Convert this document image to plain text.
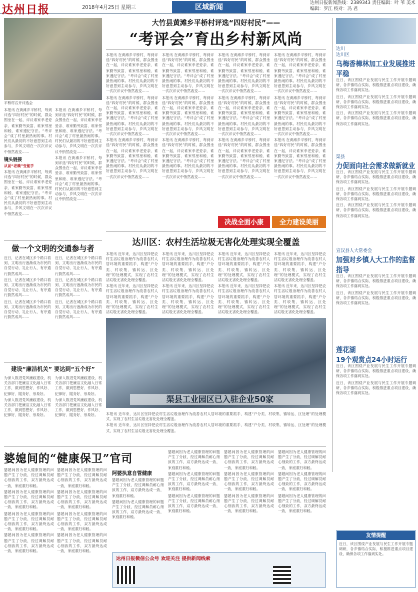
达州日报	2018年4月25日 星期三	区域新闻	达州日报新闻热线：2389343 责任编辑：叶 苇 美术编辑：罗江 校对：冯 君
平桥村召开评选会
大竹县黄滩乡平桥村评选“四好村民”——
“考评会”育出乡村新风尚

本报讯 在黄滩乡平桥村，每到评选“四好村民”的时候，群众围坐在一起，评议谁家孝老爱亲、谁家勤劳致富、谁家邻里和睦、谁家遵纪守法。“考评会”成了村里最热闹的事。村民们从最初的不好意思到主动参与，乡风文明在一次次评议中悄然改变……

镜头链接

从前“老赖”变能手

本报讯 在黄滩乡平桥村，每到评选“四好村民”的时候，群众围坐在一起，评议谁家孝老爱亲、谁家勤劳致富、谁家邻里和睦、谁家遵纪守法。“考评会”成了村里最热闹的事。村民们从最初的不好意思到主动参与，乡风文明在一次次评议中悄然改变……

本报讯 在黄滩乡平桥村，每到评选“四好村民”的时候，群众围坐在一起，评议谁家孝老爱亲、谁家勤劳致富、谁家邻里和睦、谁家遵纪守法。“考评会”成了村里最热闹的事。村民们从最初的不好意思到主动参与，乡风文明在一次次评议中悄然改变……

本报讯 在黄滩乡平桥村，每到评选“四好村民”的时候，群众围坐在一起，评议谁家孝老爱亲、谁家勤劳致富、谁家邻里和睦、谁家遵纪守法。“考评会”成了村里最热闹的事。村民们从最初的不好意思到主动参与，乡风文明在一次次评议中悄然改变……

本报讯 在黄滩乡平桥村，每到评选“四好村民”的时候，群众围坐在一起，评议谁家孝老爱亲、谁家勤劳致富、谁家邻里和睦、谁家遵纪守法。“考评会”成了村里最热闹的事。村民们从最初的不好意思到主动参与，乡风文明在一次次评议中悄然改变……

本报讯 在黄滩乡平桥村，每到评选“四好村民”的时候，群众围坐在一起，评议谁家孝老爱亲、谁家勤劳致富、谁家邻里和睦、谁家遵纪守法。“考评会”成了村里最热闹的事。村民们从最初的不好意思到主动参与，乡风文明在一次次评议中悄然改变……

本报讯 在黄滩乡平桥村，每到评选“四好村民”的时候，群众围坐在一起，评议谁家孝老爱亲、谁家勤劳致富、谁家邻里和睦、谁家遵纪守法。“考评会”成了村里最热闹的事。村民们从最初的不好意思到主动参与，乡风文明在一次次评议中悄然改变……

本报讯 在黄滩乡平桥村，每到评选“四好村民”的时候，群众围坐在一起，评议谁家孝老爱亲、谁家勤劳致富、谁家邻里和睦、谁家遵纪守法。“考评会”成了村里最热闹的事。村民们从最初的不好意思到主动参与，乡风文明在一次次评议中悄然改变……

本报讯 在黄滩乡平桥村，每到评选“四好村民”的时候，群众围坐在一起，评议谁家孝老爱亲、谁家勤劳致富、谁家邻里和睦、谁家遵纪守法。“考评会”成了村里最热闹的事。村民们从最初的不好意思到主动参与，乡风文明在一次次评议中悄然改变……

本报讯 在黄滩乡平桥村，每到评选“四好村民”的时候，群众围坐在一起，评议谁家孝老爱亲、谁家勤劳致富、谁家邻里和睦、谁家遵纪守法。“考评会”成了村里最热闹的事。村民们从最初的不好意思到主动参与，乡风文明在一次次评议中悄然改变……

本报讯 在黄滩乡平桥村，每到评选“四好村民”的时候，群众围坐在一起，评议谁家孝老爱亲、谁家勤劳致富、谁家邻里和睦、谁家遵纪守法。“考评会”成了村里最热闹的事。村民们从最初的不好意思到主动参与，乡风文明在一次次评议中悄然改变……

本报讯 在黄滩乡平桥村，每到评选“四好村民”的时候，群众围坐在一起，评议谁家孝老爱亲、谁家勤劳致富、谁家邻里和睦、谁家遵纪守法。“考评会”成了村里最热闹的事。村民们从最初的不好意思到主动参与，乡风文明在一次次评议中悄然改变……

本报讯 在黄滩乡平桥村，每到评选“四好村民”的时候，群众围坐在一起，评议谁家孝老爱亲、谁家勤劳致富、谁家邻里和睦、谁家遵纪守法。“考评会”成了村里最热闹的事。村民们从最初的不好意思到主动参与，乡风文明在一次次评议中悄然改变……

本报讯 在黄滩乡平桥村，每到评选“四好村民”的时候，群众围坐在一起，评议谁家孝老爱亲、谁家勤劳致富、谁家邻里和睦、谁家遵纪守法。“考评会”成了村里最热闹的事。村民们从最初的不好意思到主动参与，乡风文明在一次次评议中悄然改变……

本报讯 在黄滩乡平桥村，每到评选“四好村民”的时候，群众围坐在一起，评议谁家孝老爱亲、谁家勤劳致富、谁家邻里和睦、谁家遵纪守法。“考评会”成了村里最热闹的事。村民们从最初的不好意思到主动参与，乡风文明在一次次评议中悄然改变……

本报讯 在黄滩乡平桥村，每到评选“四好村民”的时候，群众围坐在一起，评议谁家孝老爱亲、谁家勤劳致富、谁家邻里和睦、谁家遵纪守法。“考评会”成了村里最热闹的事。村民们从最初的不好意思到主动参与，乡风文明在一次次评议中悄然改变……

决战全面小康	全力建设美丽
达川
达川区
乌梅香樟林加工业发展推进平稳

近日，该区围绕产业发展与民生工作开展专题调研，各乡镇结合实际，积极推进重点项目建设，确保各项工作落到实处。

近日，该区围绕产业发展与民生工作开展专题调研，各乡镇结合实际，积极推进重点项目建设，确保各项工作落到实处。

近日，该区围绕产业发展与民生工作开展专题调研，各乡镇结合实际，积极推进重点项目建设，确保各项工作落到实处。

渠县
力促面向社会需求做新就业

近日，该区围绕产业发展与民生工作开展专题调研，各乡镇结合实际，积极推进重点项目建设，确保各项工作落到实处。

近日，该区围绕产业发展与民生工作开展专题调研，各乡镇结合实际，积极推进重点项目建设，确保各项工作落到实处。

近日，该区围绕产业发展与民生工作开展专题调研，各乡镇结合实际，积极推进重点项目建设，确保各项工作落到实处。

宣汉县人大常委会
加强对乡镇人大工作的监督指导

近日，该区围绕产业发展与民生工作开展专题调研，各乡镇结合实际，积极推进重点项目建设，确保各项工作落到实处。

近日，该区围绕产业发展与民生工作开展专题调研，各乡镇结合实际，积极推进重点项目建设，确保各项工作落到实处。

莲花湖
19个观赏点24小时运行

近日，该区围绕产业发展与民生工作开展专题调研，各乡镇结合实际，积极推进重点项目建设，确保各项工作落到实处。

近日，该区围绕产业发展与民生工作开展专题调研，各乡镇结合实际，积极推进重点项目建设，确保各项工作落到实处。

做一个文明的交通参与者

近日，记者在城区多个路口看到，文明出行逐渐成为市民的自觉行动，礼让行人、有序通行蔚然成风……

近日，记者在城区多个路口看到，文明出行逐渐成为市民的自觉行动，礼让行人、有序通行蔚然成风……

近日，记者在城区多个路口看到，文明出行逐渐成为市民的自觉行动，礼让行人、有序通行蔚然成风……

近日，记者在城区多个路口看到，文明出行逐渐成为市民的自觉行动，礼让行人、有序通行蔚然成风……

近日，记者在城区多个路口看到，文明出行逐渐成为市民的自觉行动，礼让行人、有序通行蔚然成风……

近日，记者在城区多个路口看到，文明出行逐渐成为市民的自觉行动，礼让行人、有序通行蔚然成风……

建设“廉洁机关” 要达到“五个好”

为深入推进党风廉政建设，机关各部门把廉洁文化融入日常工作，做到思想好、作风好、纪律好、服务好、形象好。

为深入推进党风廉政建设，机关各部门把廉洁文化融入日常工作，做到思想好、作风好、纪律好、服务好、形象好。

为深入推进党风廉政建设，机关各部门把廉洁文化融入日常工作，做到思想好、作风好、纪律好、服务好、形象好。

为深入推进党风廉政建设，机关各部门把廉洁文化融入日常工作，做到思想好、作风好、纪律好、服务好、形象好。

达川区：农村生活垃圾无害化处理实现全覆盖

本报讯 近年来，达川区坚持把农村生活垃圾治理作为改善农村人居环境的重要抓手，构建“户分类、村收集、镇转运、区处理”的处理模式，实现了农村生活垃圾无害化处理全覆盖。

本报讯 近年来，达川区坚持把农村生活垃圾治理作为改善农村人居环境的重要抓手，构建“户分类、村收集、镇转运、区处理”的处理模式，实现了农村生活垃圾无害化处理全覆盖。

本报讯 近年来，达川区坚持把农村生活垃圾治理作为改善农村人居环境的重要抓手，构建“户分类、村收集、镇转运、区处理”的处理模式，实现了农村生活垃圾无害化处理全覆盖。

本报讯 近年来，达川区坚持把农村生活垃圾治理作为改善农村人居环境的重要抓手，构建“户分类、村收集、镇转运、区处理”的处理模式，实现了农村生活垃圾无害化处理全覆盖。

本报讯 近年来，达川区坚持把农村生活垃圾治理作为改善农村人居环境的重要抓手，构建“户分类、村收集、镇转运、区处理”的处理模式，实现了农村生活垃圾无害化处理全覆盖。

本报讯 近年来，达川区坚持把农村生活垃圾治理作为改善农村人居环境的重要抓手，构建“户分类、村收集、镇转运、区处理”的处理模式，实现了农村生活垃圾无害化处理全覆盖。

本报讯 近年来，达川区坚持把农村生活垃圾治理作为改善农村人居环境的重要抓手，构建“户分类、村收集、镇转运、区处理”的处理模式，实现了农村生活垃圾无害化处理全覆盖。

本报讯 近年来，达川区坚持把农村生活垃圾治理作为改善农村人居环境的重要抓手，构建“户分类、村收集、镇转运、区处理”的处理模式，实现了农村生活垃圾无害化处理全覆盖。

渠县工业园区已入驻企业50家

本报讯 近年来，达川区坚持把农村生活垃圾治理作为改善农村人居环境的重要抓手，构建“户分类、村收集、镇转运、区处理”的处理模式，实现了农村生活垃圾无害化处理全覆盖。

本报讯 近年来，达川区坚持把农村生活垃圾治理作为改善农村人居环境的重要抓手，构建“户分类、村收集、镇转运、区处理”的处理模式，实现了农村生活垃圾无害化处理全覆盖。

婆媳间的“健康保卫”官司
阿婆执意自管健康

婆媳间因为老人健康管理的问题产生了分歧，经过调解员耐心细致的工作，双方最终达成一致，家庭重归和睦。

婆媳间因为老人健康管理的问题产生了分歧，经过调解员耐心细致的工作，双方最终达成一致，家庭重归和睦。

婆媳间因为老人健康管理的问题产生了分歧，经过调解员耐心细致的工作，双方最终达成一致，家庭重归和睦。

婆媳间因为老人健康管理的问题产生了分歧，经过调解员耐心细致的工作，双方最终达成一致，家庭重归和睦。

婆媳间因为老人健康管理的问题产生了分歧，经过调解员耐心细致的工作，双方最终达成一致，家庭重归和睦。

婆媳间因为老人健康管理的问题产生了分歧，经过调解员耐心细致的工作，双方最终达成一致，家庭重归和睦。

婆媳间因为老人健康管理的问题产生了分歧，经过调解员耐心细致的工作，双方最终达成一致，家庭重归和睦。

婆媳间因为老人健康管理的问题产生了分歧，经过调解员耐心细致的工作，双方最终达成一致，家庭重归和睦。

婆媳间因为老人健康管理的问题产生了分歧，经过调解员耐心细致的工作，双方最终达成一致，家庭重归和睦。

婆媳间因为老人健康管理的问题产生了分歧，经过调解员耐心细致的工作，双方最终达成一致，家庭重归和睦。

婆媳间因为老人健康管理的问题产生了分歧，经过调解员耐心细致的工作，双方最终达成一致，家庭重归和睦。

婆媳间因为老人健康管理的问题产生了分歧，经过调解员耐心细致的工作，双方最终达成一致，家庭重归和睦。

婆媳间因为老人健康管理的问题产生了分歧，经过调解员耐心细致的工作，双方最终达成一致，家庭重归和睦。

婆媳间因为老人健康管理的问题产生了分歧，经过调解员耐心细致的工作，双方最终达成一致，家庭重归和睦。

婆媳间因为老人健康管理的问题产生了分歧，经过调解员耐心细致的工作，双方最终达成一致，家庭重归和睦。

婆媳间因为老人健康管理的问题产生了分歧，经过调解员耐心细致的工作，双方最终达成一致，家庭重归和睦。

婆媳间因为老人健康管理的问题产生了分歧，经过调解员耐心细致的工作，双方最终达成一致，家庭重归和睦。

婆媳间因为老人健康管理的问题产生了分歧，经过调解员耐心细致的工作，双方最终达成一致，家庭重归和睦。

婆媳间因为老人健康管理的问题产生了分歧，经过调解员耐心细致的工作，双方最终达成一致，家庭重归和睦。

达州日报微信公众号 欢迎关注 提供新闻线索
友情提醒

近日，该区围绕产业发展与民生工作开展专题调研，各乡镇结合实际，积极推进重点项目建设，确保各项工作落到实处。
